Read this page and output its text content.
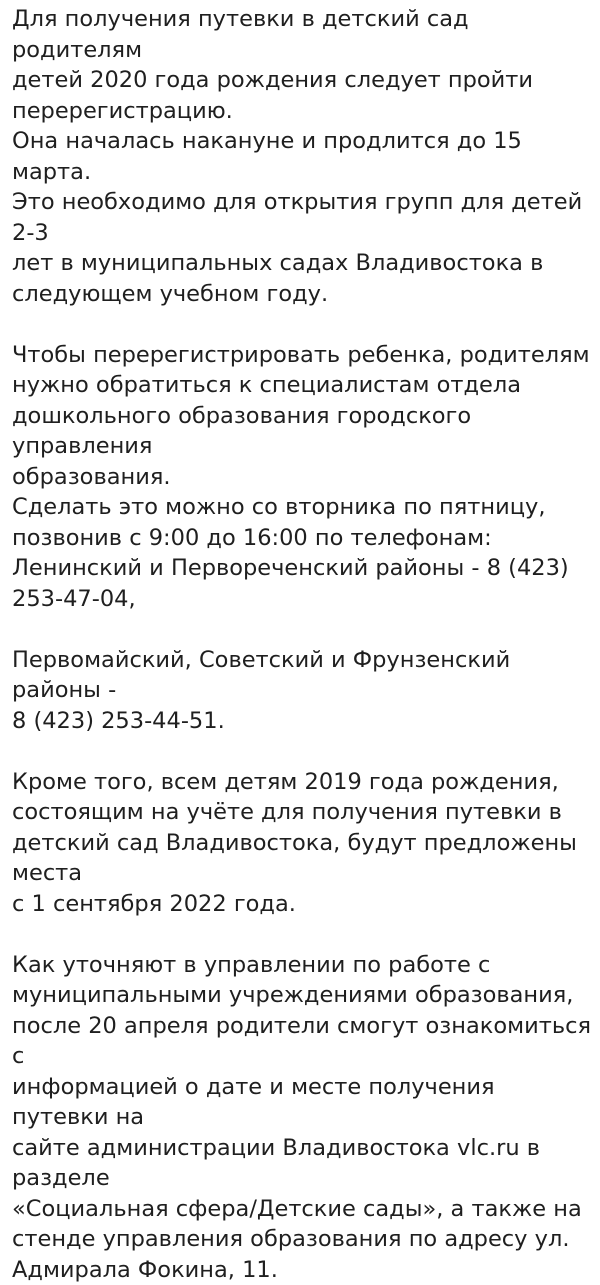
Для получения путевки в детский сад родителям
детей 2020 года рождения следует пройти
перерегистрацию.
Она началась накануне и продлится до 15 марта.
Это необходимо для открытия групп для детей 2-3
лет в муниципальных садах Владивостока в
следующем учебном году.

Чтобы перерегистрировать ребенка, родителям
нужно обратиться к специалистам отдела
дошкольного образования городского управления
образования.
Сделать это можно со вторника по пятницу,
позвонив с 9:00 до 16:00 по телефонам:
Ленинский и Первореченский районы - 8 (423)
253-47-04,

Первомайский, Советский и Фрунзенский районы -
8 (423) 253-44-51.

Кроме того, всем детям 2019 года рождения,
состоящим на учёте для получения путевки в
детский сад Владивостока, будут предложены места
с 1 сентября 2022 года.

Как уточняют в управлении по работе с
муниципальными учреждениями образования,
после 20 апреля родители смогут ознакомиться с
информацией о дате и месте получения путевки на
сайте администрации Владивостока vlc.ru в разделе
«Социальная сфера/Детские сады», а также на
стенде управления образования по адресу ул.
Адмирала Фокина, 11.
